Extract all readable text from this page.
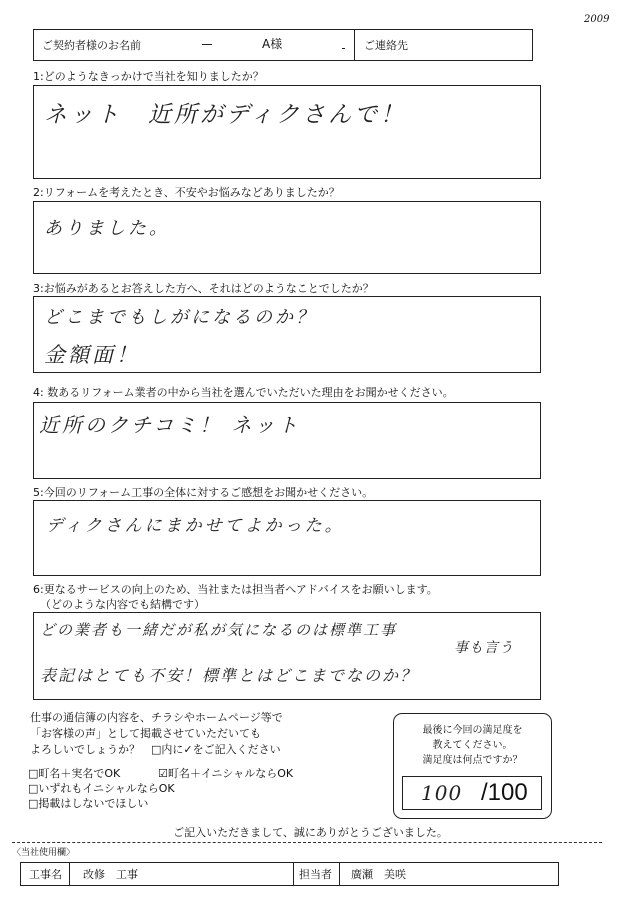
2009
ご契約者様のお名前	A様	ご連絡先
1:どのようなきっかけで当社を知りましたか？
ネット　近所がディクさんで！
2:リフォームを考えたとき、不安やお悩みなどありましたか？
ありました。
3:お悩みがあるとお答えした方へ、それはどのようなことでしたか？
どこまでもしがになるのか？
金額面！
4: 数あるリフォーム業者の中から当社を選んでいただいた理由をお聞かせください。
近所のクチコミ！ ネット
5:今回のリフォーム工事の全体に対するご感想をお聞かせください。
ディクさんにまかせてよかった。
6:更なるサービスの向上のため、当社または担当者へアドバイスをお願いします。
（どのような内容でも結構です）
どの業者も一緒だが私が気になるのは標準工事
事も言う
表記はとても不安！標準とはどこまでなのか？
仕事の通信簿の内容を、チラシやホームページ等で
「お客様の声」として掲載させていただいても
よろしいでしょうか？　□内に✓をご記入ください
□町名＋実名でOK	☑町名＋イニシャルならOK
□いずれもイニシャルならOK
□掲載はしないでほしい
最後に今回の満足度を
教えてください。
満足度は何点ですか？
100 /100
ご記入いただきまして、誠にありがとうございました。
〈当社使用欄〉
工事名 改修　工事	担当者 廣瀬　美咲
